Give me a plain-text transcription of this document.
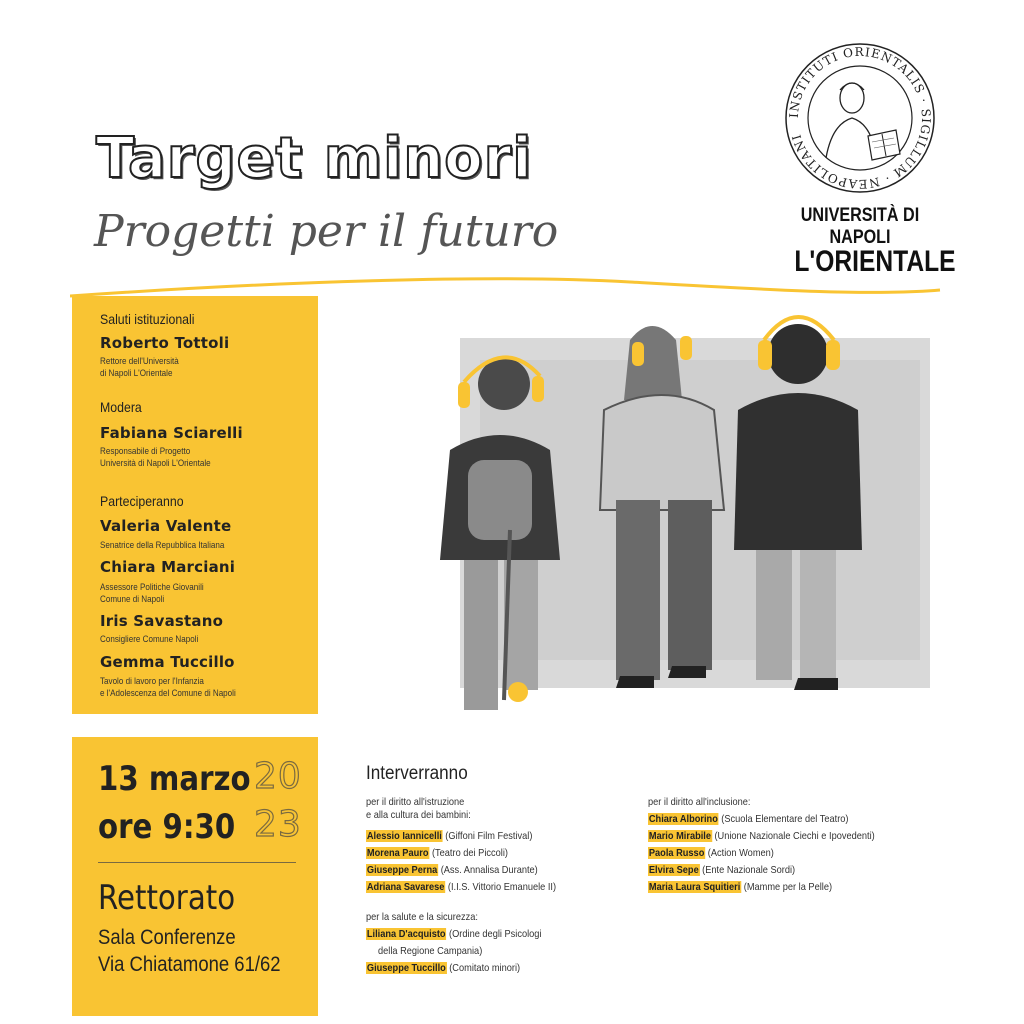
Target minori
Progetti per il futuro
INSTITUTI ORIENTALIS · SIGILLUM · NEAPOLITANI
UNIVERSITÀ DI NAPOLI
L'ORIENTALE
Saluti istituzionali
Roberto Tottoli
Rettore dell'Università
di Napoli L'Orientale
Modera
Fabiana Sciarelli
Responsabile di Progetto
Università di Napoli L'Orientale
Parteciperanno
Valeria Valente
Senatrice della Repubblica Italiana
Chiara Marciani
Assessore Politiche Giovanili
Comune di Napoli
Iris Savastano
Consigliere Comune Napoli
Gemma Tuccillo
Tavolo di lavoro per l'Infanzia
e l'Adolescenza del Comune di Napoli
13 marzo
ore 9:30
20
23
Rettorato
Sala Conferenze
Via Chiatamone 61/62
Interverranno
per il diritto all'istruzione
e alla cultura dei bambini:
Alessio Iannicelli (Giffoni Film Festival)
Morena Pauro (Teatro dei Piccoli)
Giuseppe Perna (Ass. Annalisa Durante)
Adriana Savarese (I.I.S. Vittorio Emanuele II)
per la salute e la sicurezza:
Liliana D'acquisto (Ordine degli Psicologi
della Regione Campania)
Giuseppe Tuccillo (Comitato minori)
per il diritto all'inclusione:
Chiara Alborino (Scuola Elementare del Teatro)
Mario Mirabile (Unione Nazionale Ciechi e Ipovedenti)
Paola Russo (Action Women)
Elvira Sepe (Ente Nazionale Sordi)
Maria Laura Squitieri (Mamme per la Pelle)
